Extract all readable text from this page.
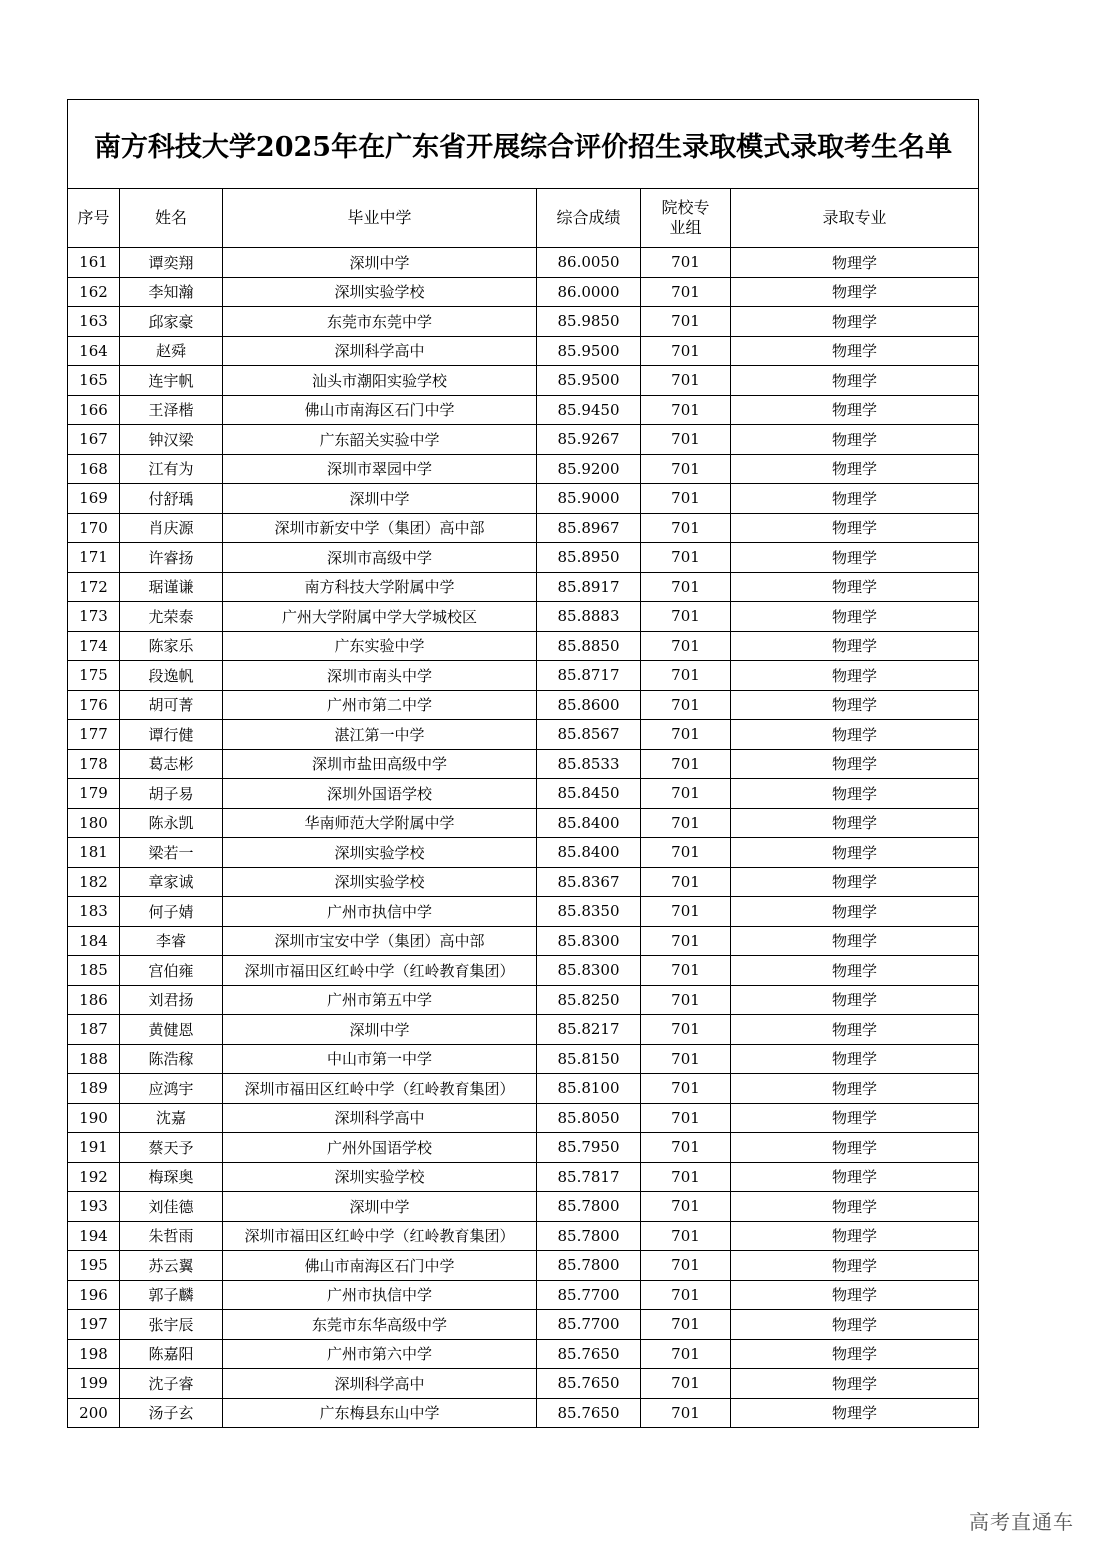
南方科技大学2025年在广东省开展综合评价招生录取模式录取考生名单					
序号	姓名	毕业中学	综合成绩	院校专业组	录取专业
161	谭奕翔	深圳中学	86.0050	701	物理学
162	李知瀚	深圳实验学校	86.0000	701	物理学
163	邱家豪	东莞市东莞中学	85.9850	701	物理学
164	赵舜	深圳科学高中	85.9500	701	物理学
165	连宇帆	汕头市潮阳实验学校	85.9500	701	物理学
166	王泽楷	佛山市南海区石门中学	85.9450	701	物理学
167	钟汉梁	广东韶关实验中学	85.9267	701	物理学
168	江有为	深圳市翠园中学	85.9200	701	物理学
169	付舒瑀	深圳中学	85.9000	701	物理学
170	肖庆源	深圳市新安中学（集团）高中部	85.8967	701	物理学
171	许睿扬	深圳市高级中学	85.8950	701	物理学
172	琚谨谦	南方科技大学附属中学	85.8917	701	物理学
173	尤荣泰	广州大学附属中学大学城校区	85.8883	701	物理学
174	陈家乐	广东实验中学	85.8850	701	物理学
175	段逸帆	深圳市南头中学	85.8717	701	物理学
176	胡可菁	广州市第二中学	85.8600	701	物理学
177	谭行健	湛江第一中学	85.8567	701	物理学
178	葛志彬	深圳市盐田高级中学	85.8533	701	物理学
179	胡子易	深圳外国语学校	85.8450	701	物理学
180	陈永凯	华南师范大学附属中学	85.8400	701	物理学
181	梁若一	深圳实验学校	85.8400	701	物理学
182	章家诚	深圳实验学校	85.8367	701	物理学
183	何子婧	广州市执信中学	85.8350	701	物理学
184	李睿	深圳市宝安中学（集团）高中部	85.8300	701	物理学
185	宫伯雍	深圳市福田区红岭中学（红岭教育集团）	85.8300	701	物理学
186	刘君扬	广州市第五中学	85.8250	701	物理学
187	黄健恩	深圳中学	85.8217	701	物理学
188	陈浩稼	中山市第一中学	85.8150	701	物理学
189	应鸿宇	深圳市福田区红岭中学（红岭教育集团）	85.8100	701	物理学
190	沈嘉	深圳科学高中	85.8050	701	物理学
191	蔡天予	广州外国语学校	85.7950	701	物理学
192	梅琛奥	深圳实验学校	85.7817	701	物理学
193	刘佳德	深圳中学	85.7800	701	物理学
194	朱哲雨	深圳市福田区红岭中学（红岭教育集团）	85.7800	701	物理学
195	苏云翼	佛山市南海区石门中学	85.7800	701	物理学
196	郭子麟	广州市执信中学	85.7700	701	物理学
197	张宇辰	东莞市东华高级中学	85.7700	701	物理学
198	陈嘉阳	广州市第六中学	85.7650	701	物理学
199	沈子睿	深圳科学高中	85.7650	701	物理学
200	汤子玄	广东梅县东山中学	85.7650	701	物理学
高考直通车
